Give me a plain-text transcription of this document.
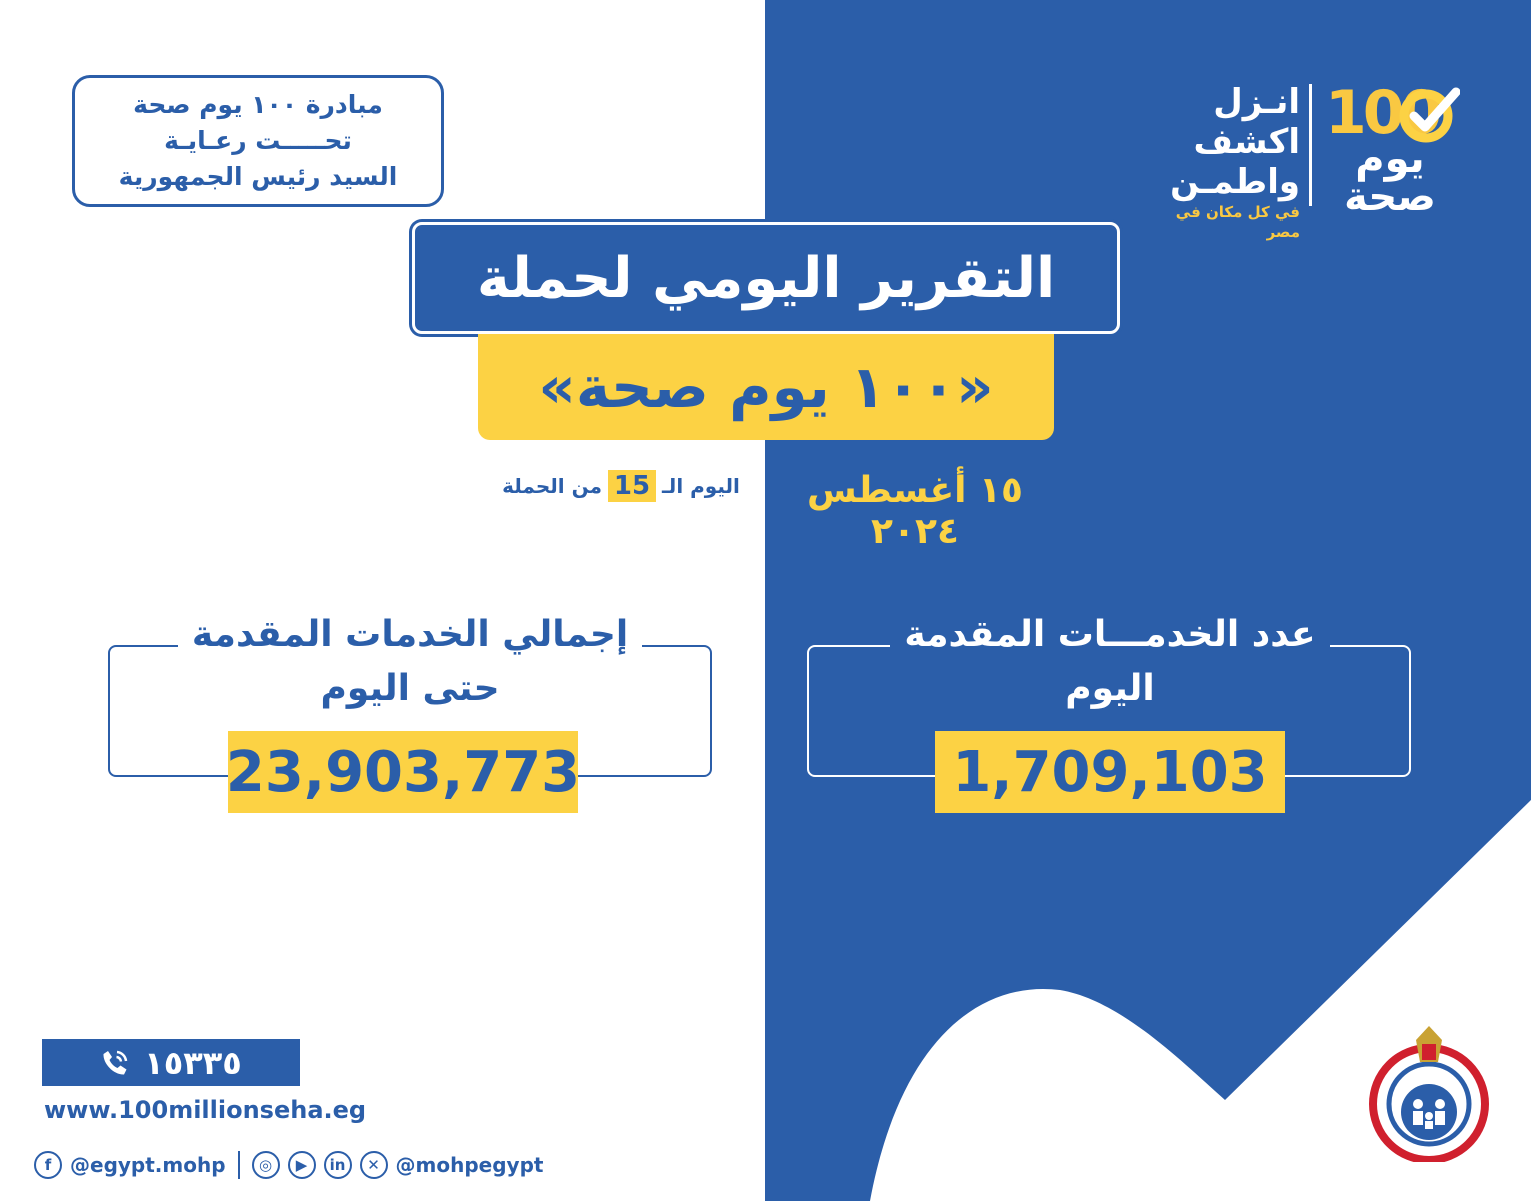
مبادرة ١٠٠ يوم صحة
تحـــــت رعـايـة
السيد رئيس الجمهورية
100
يوم
صحة
انـزل
اكشف
واطمـن
في كل مكان في مصر
التقرير اليومي لحملة
«١٠٠ يوم صحة»
١٥ أغسطس ٢٠٢٤
اليوم الـ
15
من الحملة
إجمالي الخدمات المقدمة
حتى اليوم
23,903,773
عدد الخدمـــات المقدمة
اليوم
1,709,103
١٥٣٣٥
www.100millionseha.eg
f @egypt.mohp	◎	▶	in	✕ @mohpegypt
